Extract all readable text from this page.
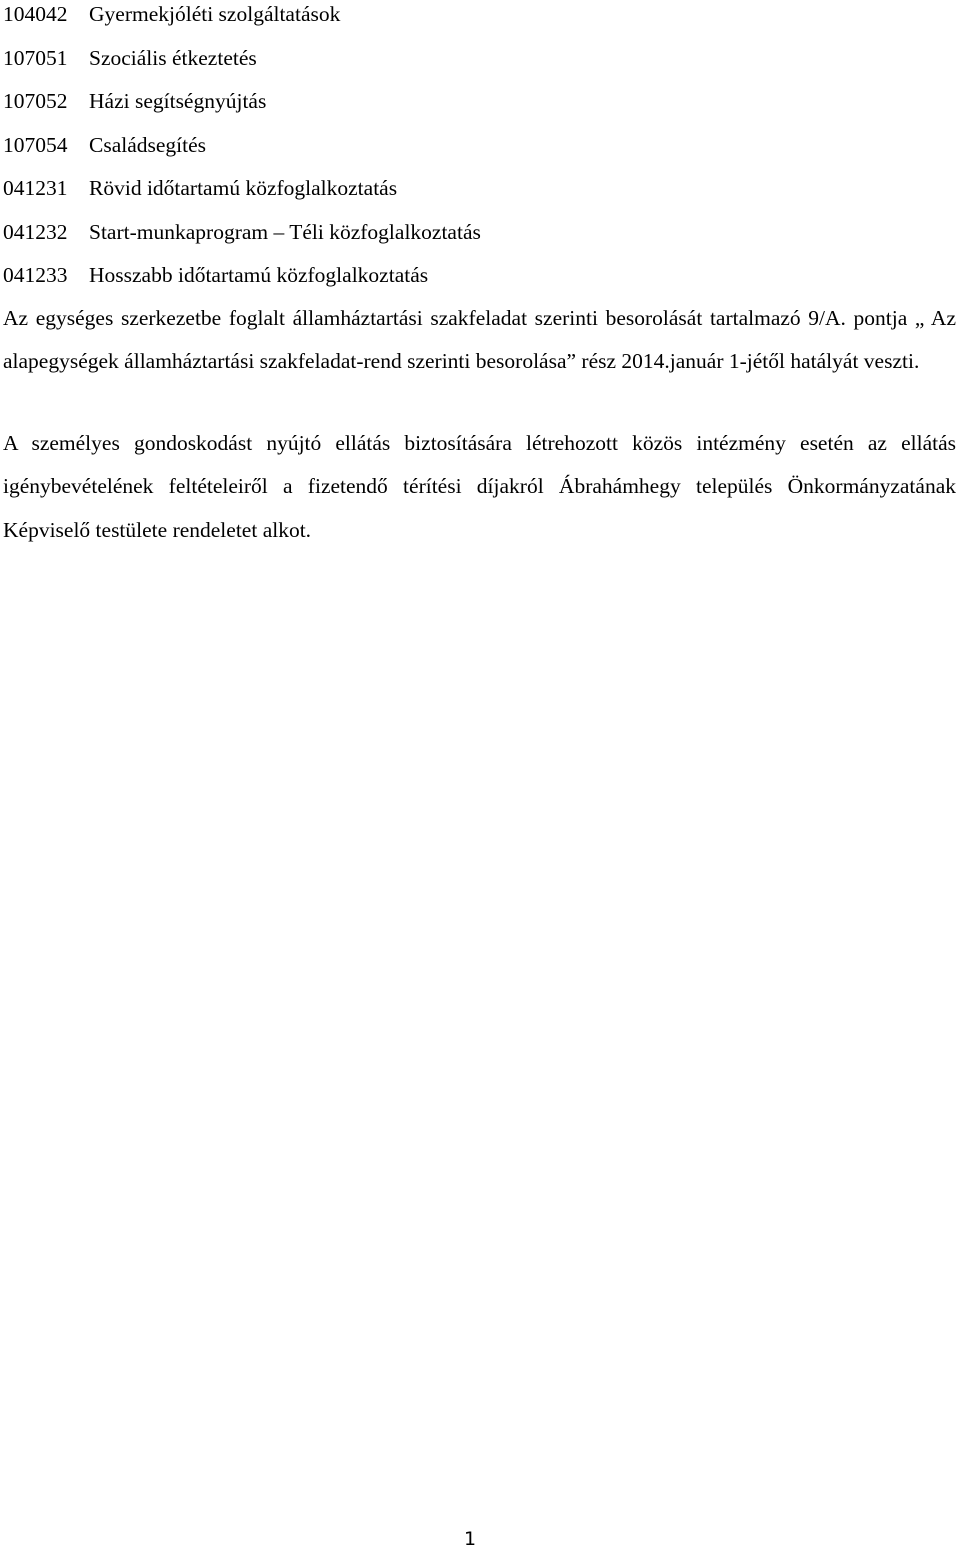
104042 Gyermekjóléti szolgáltatások
107051 Szociális étkeztetés
107052 Házi segítségnyújtás
107054 Családsegítés
041231 Rövid időtartamú közfoglalkoztatás
041232 Start-munkaprogram – Téli közfoglalkoztatás
041233 Hosszabb időtartamú közfoglalkoztatás

Az egységes szerkezetbe foglalt államháztartási szakfeladat szerinti besorolását tartalmazó 9/A. pontja „ Az alapegységek államháztartási szakfeladat-rend szerinti besorolása” rész 2014.január 1-jétől hatályát veszti.

A személyes gondoskodást nyújtó ellátás biztosítására létrehozott közös intézmény esetén az ellátás igénybevételének feltételeiről a fizetendő térítési díjakról Ábrahámhegy település Önkormányzatának Képviselő testülete rendeletet alkot.

1
